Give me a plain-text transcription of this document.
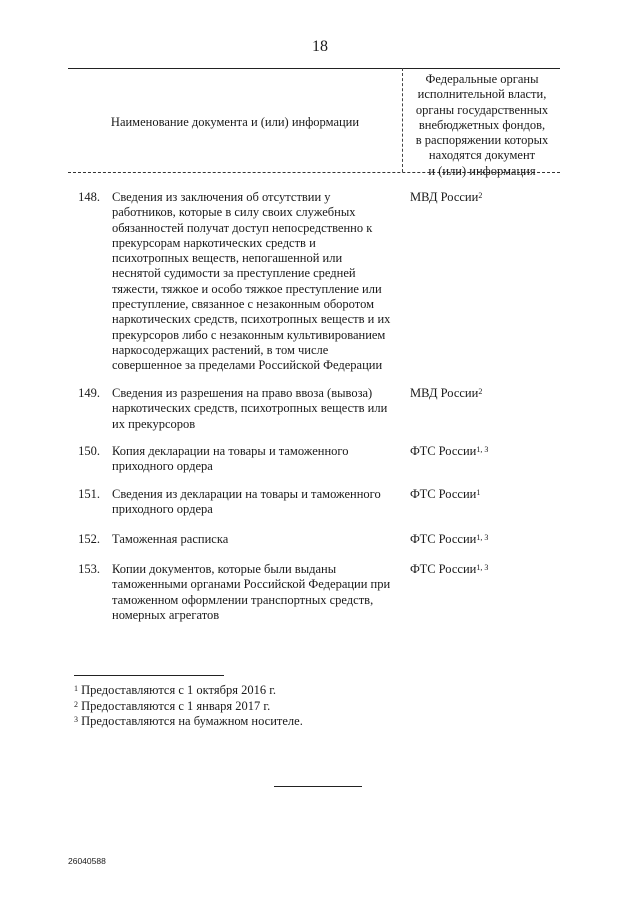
18
Наименование документа и (или) информации
Федеральные органы
исполнительной власти,
органы государственных
внебюджетных фондов,
в распоряжении которых
находятся документ
и (или) информация
148. Сведения из заключения об отсутствии у
работников, которые в силу своих служебных
обязанностей получат доступ непосредственно к
прекурсорам наркотических средств и
психотропных веществ, непогашенной или
неснятой судимости за преступление средней
тяжести, тяжкое и особо тяжкое преступление или
преступление, связанное с незаконным оборотом
наркотических средств, психотропных веществ и их
прекурсоров либо с незаконным культивированием
наркосодержащих растений, в том числе
совершенное за пределами Российской Федерации
МВД России$^2$
149. Сведения из разрешения на право ввоза (вывоза)
наркотических средств, психотропных веществ или
их прекурсоров
МВД России$^2$
150. Копия декларации на товары и таможенного
приходного ордера
ФТС России$^{1, 3}$
151. Сведения из декларации на товары и таможенного
приходного ордера
ФТС России$^1$
152. Таможенная расписка	ФТС России$^{1, 3}$
153. Копии документов, которые были выданы
таможенными органами Российской Федерации при
таможенном оформлении транспортных средств,
номерных агрегатов
ФТС России$^{1, 3}$
$^1$ Предоставляются с 1 октября 2016 г.
$^2$ Предоставляются с 1 января 2017 г.
$^3$ Предоставляются на бумажном носителе.
26040588
